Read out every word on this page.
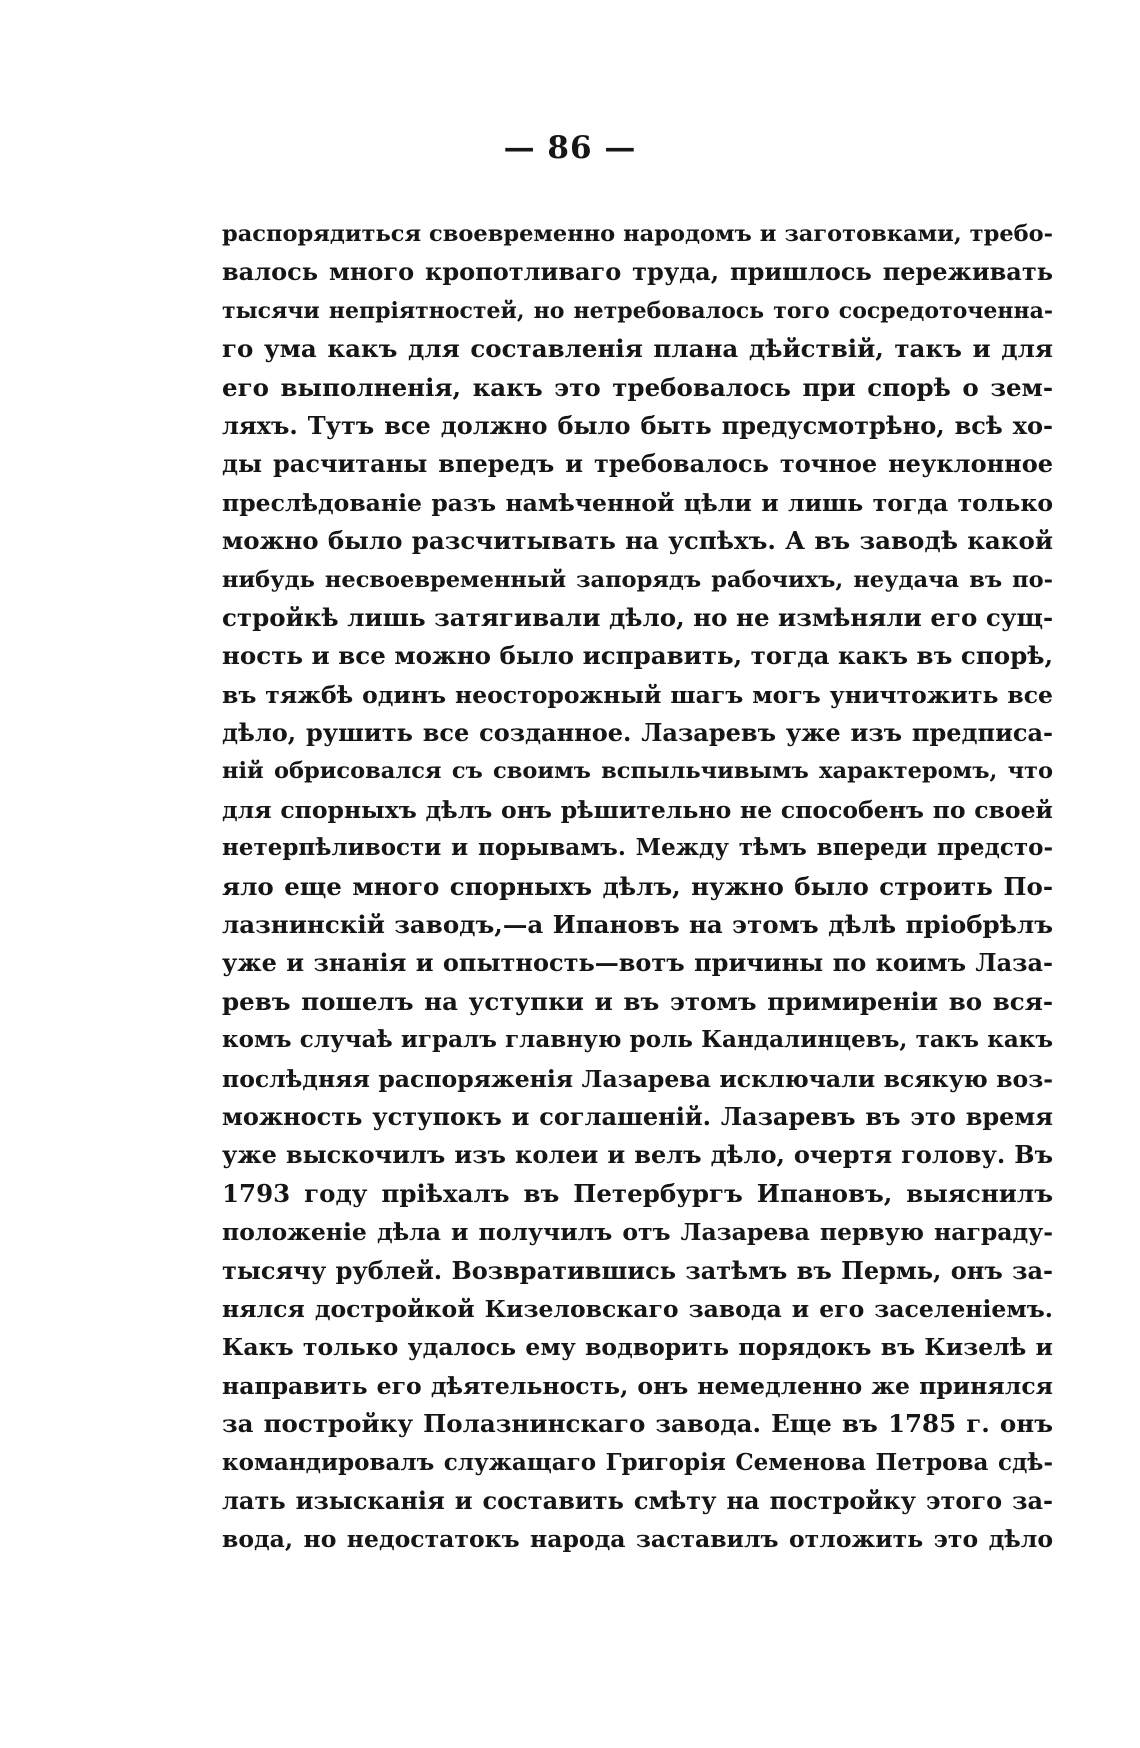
— 86 —
распорядиться своевременно народомъ и заготовками, требо-
валось много кропотливаго труда, пришлось переживать
тысячи непріятностей, но нетребовалось того сосредоточенна-
го ума какъ для составленія плана дѣйствій, такъ и для
его выполненія, какъ это требовалось при спорѣ о зем-
ляхъ. Тутъ все должно было быть предусмотрѣно, всѣ хо-
ды расчитаны впередъ и требовалось точное неуклонное
преслѣдованіе разъ намѣченной цѣли и лишь тогда только
можно было разсчитывать на успѣхъ. А въ заводѣ какой
нибудь несвоевременный запорядъ рабочихъ, неудача въ по-
стройкѣ лишь затягивали дѣло, но не измѣняли его сущ-
ность и все можно было исправить, тогда какъ въ спорѣ,
въ тяжбѣ одинъ неосторожный шагъ могъ уничтожить все
дѣло, рушить все созданное. Лазаревъ уже изъ предписа-
ній обрисовался съ своимъ вспыльчивымъ характеромъ, что
для спорныхъ дѣлъ онъ рѣшительно не способенъ по своей
нетерпѣливости и порывамъ. Между тѣмъ впереди предсто-
яло еще много спорныхъ дѣлъ, нужно было строить По-
лазнинскій заводъ,—а Ипановъ на этомъ дѣлѣ пріобрѣлъ
уже и знанія и опытность—вотъ причины по коимъ Лаза-
ревъ пошелъ на уступки и въ этомъ примиреніи во вся-
комъ случаѣ игралъ главную роль Кандалинцевъ, такъ какъ
послѣдняя распоряженія Лазарева исключали всякую воз-
можность уступокъ и соглашеній. Лазаревъ въ это время
уже выскочилъ изъ колеи и велъ дѣло, очертя голову. Въ
1793 году пріѣхалъ въ Петербургъ Ипановъ, выяснилъ
положеніе дѣла и получилъ отъ Лазарева первую награду-
тысячу рублей. Возвратившись затѣмъ въ Пермь, онъ за-
нялся достройкой Кизеловскаго завода и его заселеніемъ.
Какъ только удалось ему водворить порядокъ въ Кизелѣ и
направить его дѣятельность, онъ немедленно же принялся
за постройку Полазнинскаго завода. Еще въ 1785 г. онъ
командировалъ служащаго Григорія Семенова Петрова сдѣ-
лать изысканія и составить смѣту на постройку этого за-
вода, но недостатокъ народа заставилъ отложить это дѣло
